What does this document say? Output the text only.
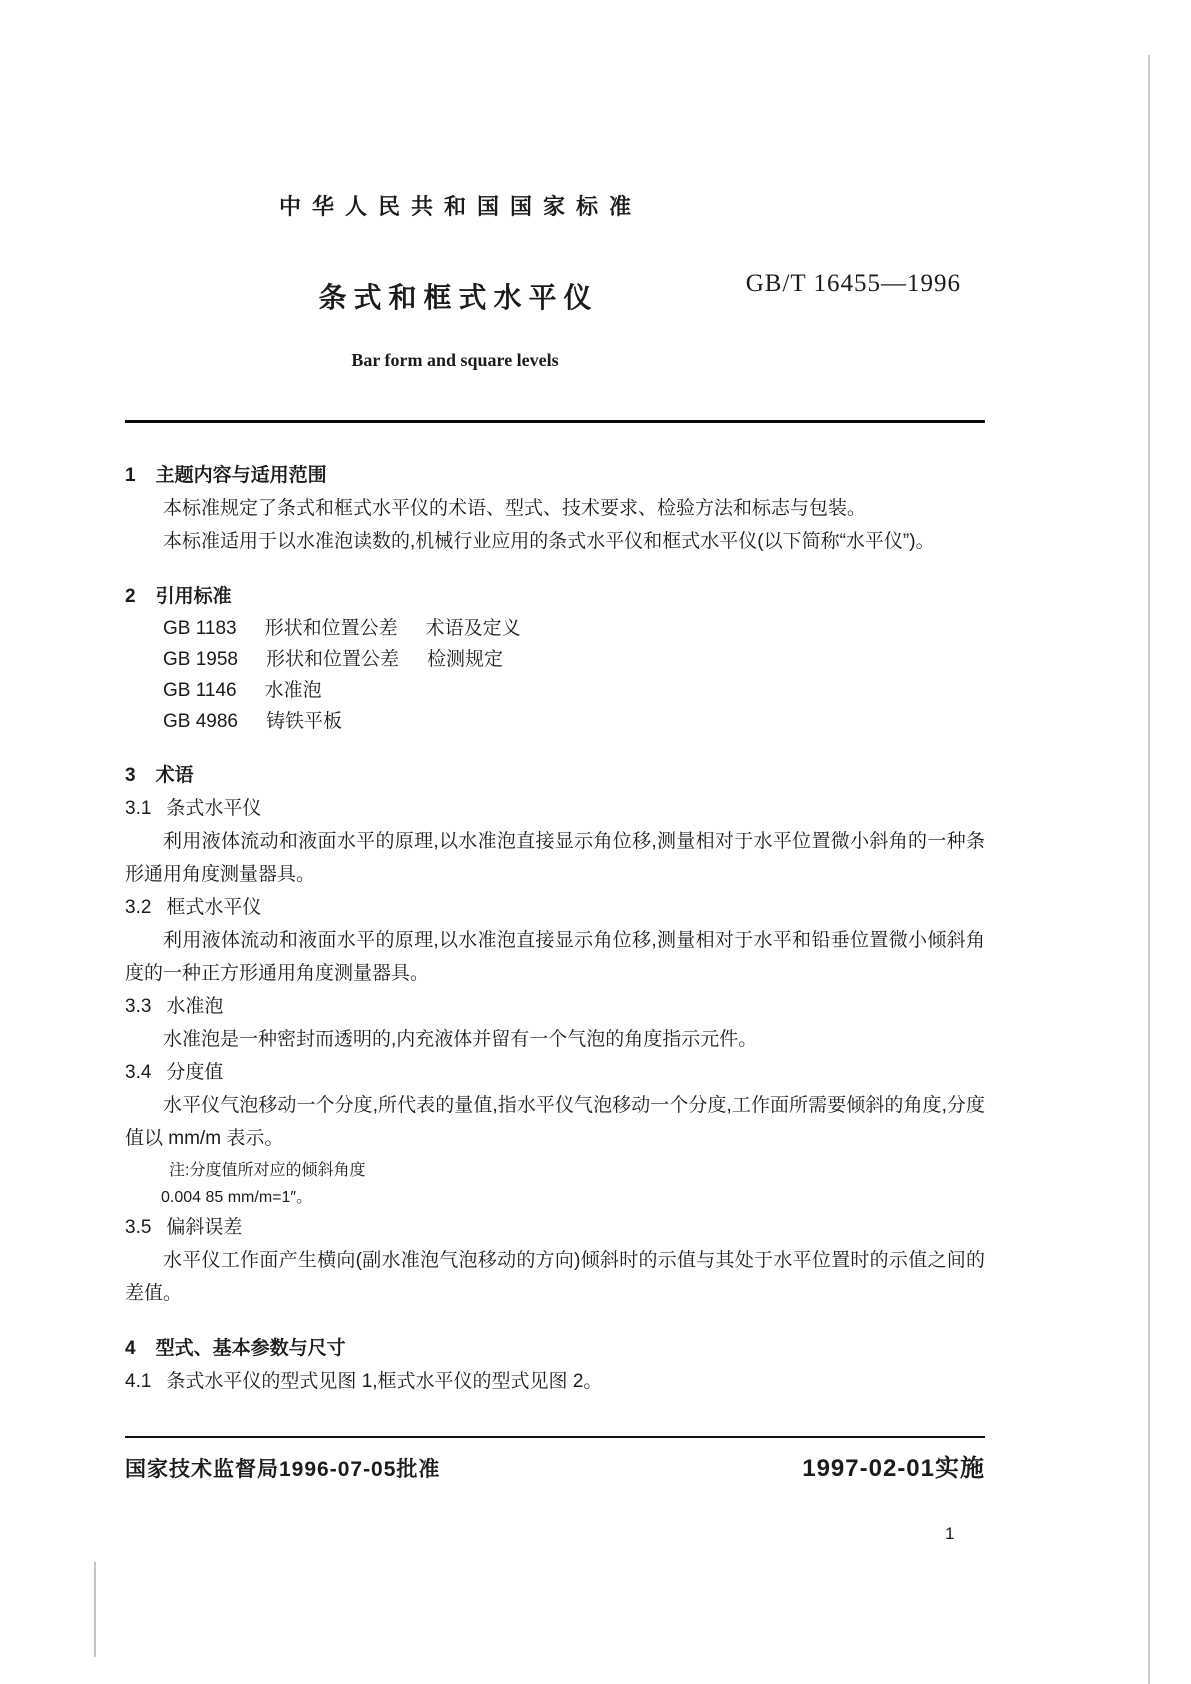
中华人民共和国国家标准
条式和框式水平仪
Bar form and square levels
GB/T 16455—1996
1 主题内容与适用范围

本标准规定了条式和框式水平仪的术语、型式、技术要求、检验方法和标志与包装。

本标准适用于以水准泡读数的,机械行业应用的条式水平仪和框式水平仪(以下简称“水平仪”)。

2 引用标准
GB 1183 形状和位置公差 术语及定义
GB 1958 形状和位置公差 检测规定
GB 1146 水准泡
GB 4986 铸铁平板
3 术语
3.1 条式水平仪

利用液体流动和液面水平的原理,以水准泡直接显示角位移,测量相对于水平位置微小斜角的一种条形通用角度测量器具。

3.2 框式水平仪

利用液体流动和液面水平的原理,以水准泡直接显示角位移,测量相对于水平和铅垂位置微小倾斜角度的一种正方形通用角度测量器具。

3.3 水准泡

水准泡是一种密封而透明的,内充液体并留有一个气泡的角度指示元件。

3.4 分度值

水平仪气泡移动一个分度,所代表的量值,指水平仪气泡移动一个分度,工作面所需要倾斜的角度,分度值以 mm/m 表示。

注:分度值所对应的倾斜角度
0.004 85 mm/m=1″。
3.5 偏斜误差

水平仪工作面产生横向(副水准泡气泡移动的方向)倾斜时的示值与其处于水平位置时的示值之间的差值。

4 型式、基本参数与尺寸

4.1 条式水平仪的型式见图 1,框式水平仪的型式见图 2。

国家技术监督局1996-07-05批准	1997-02-01实施
1
